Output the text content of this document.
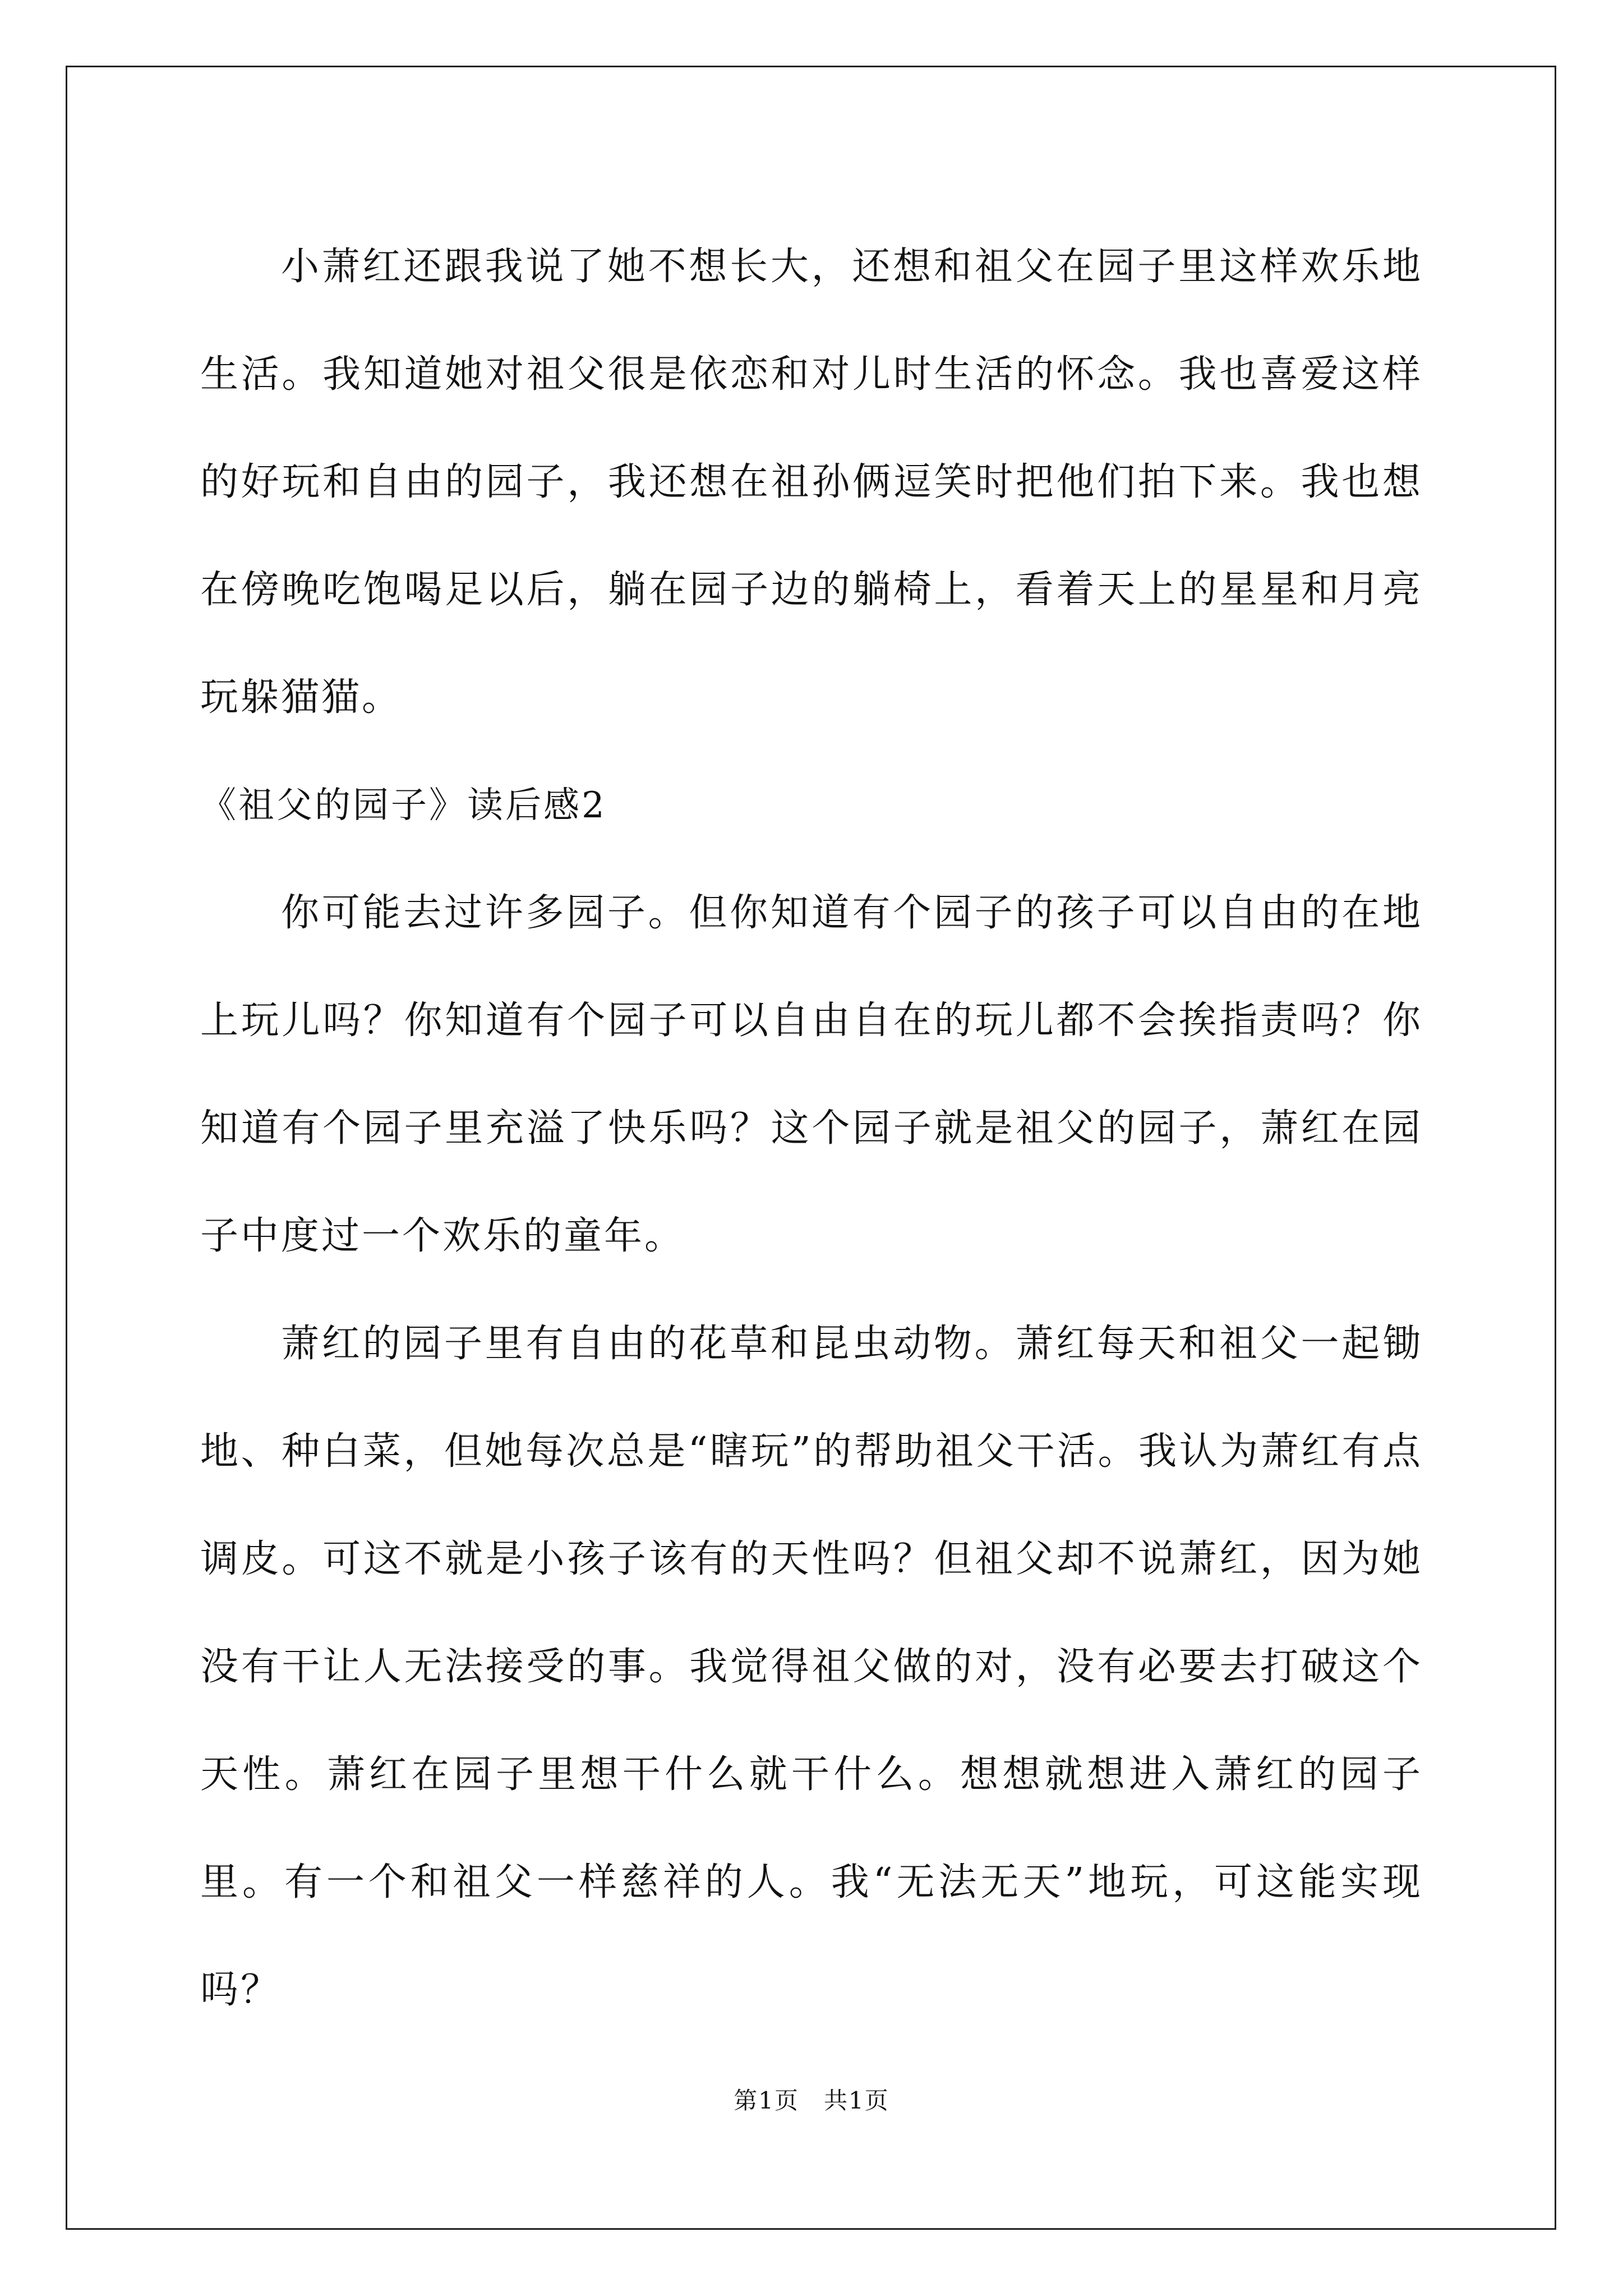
小萧红还跟我说了她不想长大，还想和祖父在园子里这样欢乐地生活。我知道她对祖父很是依恋和对儿时生活的怀念。我也喜爱这样的好玩和自由的园子，我还想在祖孙俩逗笑时把他们拍下来。我也想在傍晚吃饱喝足以后，躺在园子边的躺椅上，看着天上的星星和月亮玩躲猫猫。

《祖父的园子》读后感2

你可能去过许多园子。但你知道有个园子的孩子可以自由的在地上玩儿吗？你知道有个园子可以自由自在的玩儿都不会挨指责吗？你知道有个园子里充溢了快乐吗？这个园子就是祖父的园子，萧红在园子中度过一个欢乐的童年。

萧红的园子里有自由的花草和昆虫动物。萧红每天和祖父一起锄地、种白菜，但她每次总是“瞎玩”的帮助祖父干活。我认为萧红有点调皮。可这不就是小孩子该有的天性吗？但祖父却不说萧红，因为她没有干让人无法接受的事。我觉得祖父做的对，没有必要去打破这个天性。萧红在园子里想干什么就干什么。想想就想进入萧红的园子里。有一个和祖父一样慈祥的人。我“无法无天”地玩，可这能实现吗？

第1页　共1页
